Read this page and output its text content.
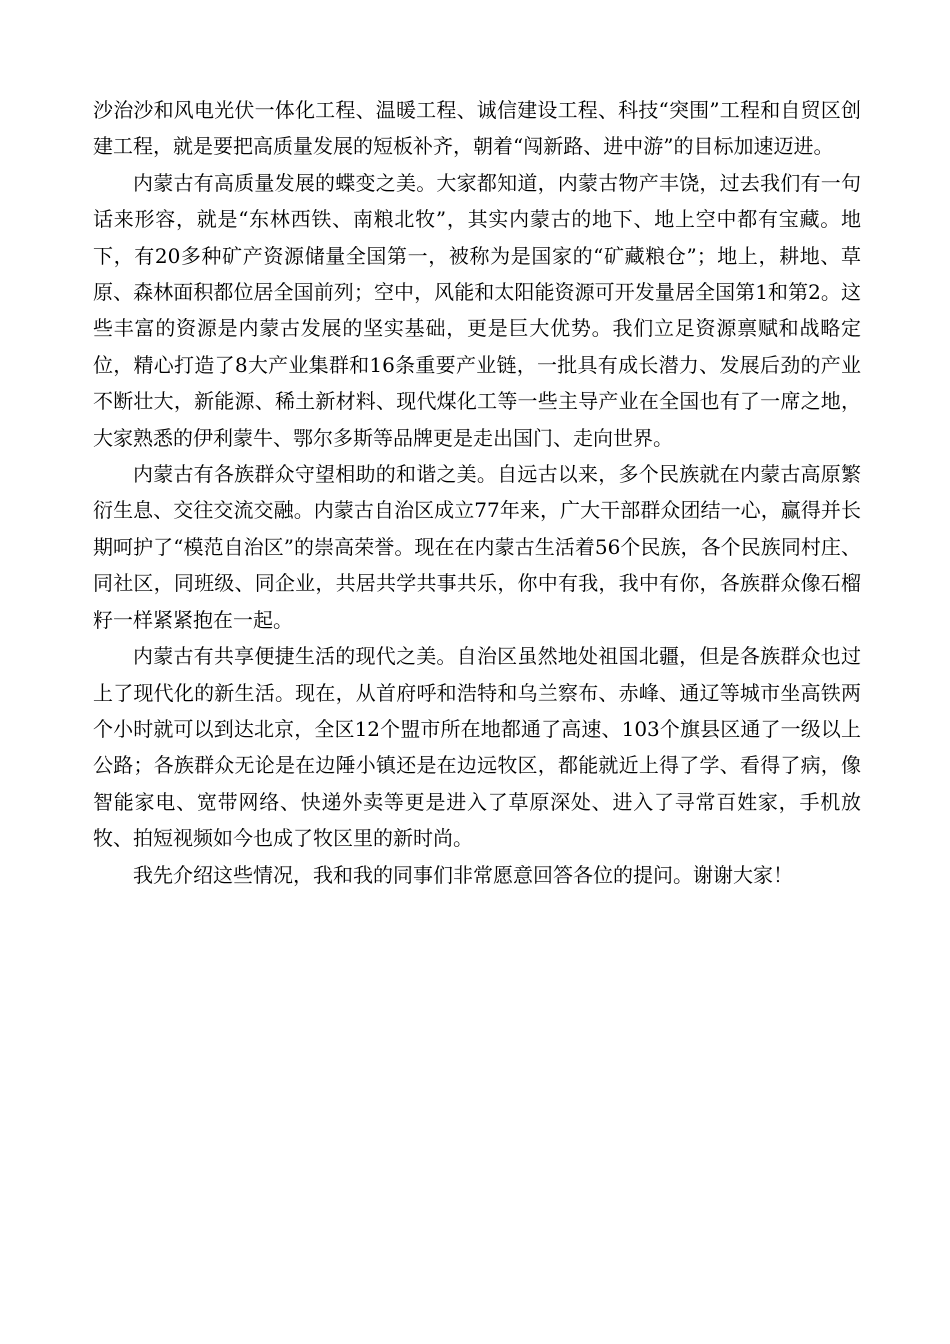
沙治沙和风电光伏一体化工程、温暖工程、诚信建设工程、科技“突围”工程和自贸区创建工程，就是要把高质量发展的短板补齐，朝着“闯新路、进中游”的目标加速迈进。

内蒙古有高质量发展的蝶变之美。大家都知道，内蒙古物产丰饶，过去我们有一句话来形容，就是“东林西铁、南粮北牧”，其实内蒙古的地下、地上空中都有宝藏。地下，有20多种矿产资源储量全国第一，被称为是国家的“矿藏粮仓”；地上，耕地、草原、森林面积都位居全国前列；空中，风能和太阳能资源可开发量居全国第1和第2。这些丰富的资源是内蒙古发展的坚实基础，更是巨大优势。我们立足资源禀赋和战略定位，精心打造了8大产业集群和16条重要产业链，一批具有成长潜力、发展后劲的产业不断壮大，新能源、稀土新材料、现代煤化工等一些主导产业在全国也有了一席之地，大家熟悉的伊利蒙牛、鄂尔多斯等品牌更是走出国门、走向世界。

内蒙古有各族群众守望相助的和谐之美。自远古以来，多个民族就在内蒙古高原繁衍生息、交往交流交融。内蒙古自治区成立77年来，广大干部群众团结一心，赢得并长期呵护了“模范自治区”的崇高荣誉。现在在内蒙古生活着56个民族，各个民族同村庄、同社区，同班级、同企业，共居共学共事共乐，你中有我，我中有你，各族群众像石榴籽一样紧紧抱在一起。

内蒙古有共享便捷生活的现代之美。自治区虽然地处祖国北疆，但是各族群众也过上了现代化的新生活。现在，从首府呼和浩特和乌兰察布、赤峰、通辽等城市坐高铁两个小时就可以到达北京，全区12个盟市所在地都通了高速、103个旗县区通了一级以上公路；各族群众无论是在边陲小镇还是在边远牧区，都能就近上得了学、看得了病，像智能家电、宽带网络、快递外卖等更是进入了草原深处、进入了寻常百姓家，手机放牧、拍短视频如今也成了牧区里的新时尚。

我先介绍这些情况，我和我的同事们非常愿意回答各位的提问。谢谢大家！
